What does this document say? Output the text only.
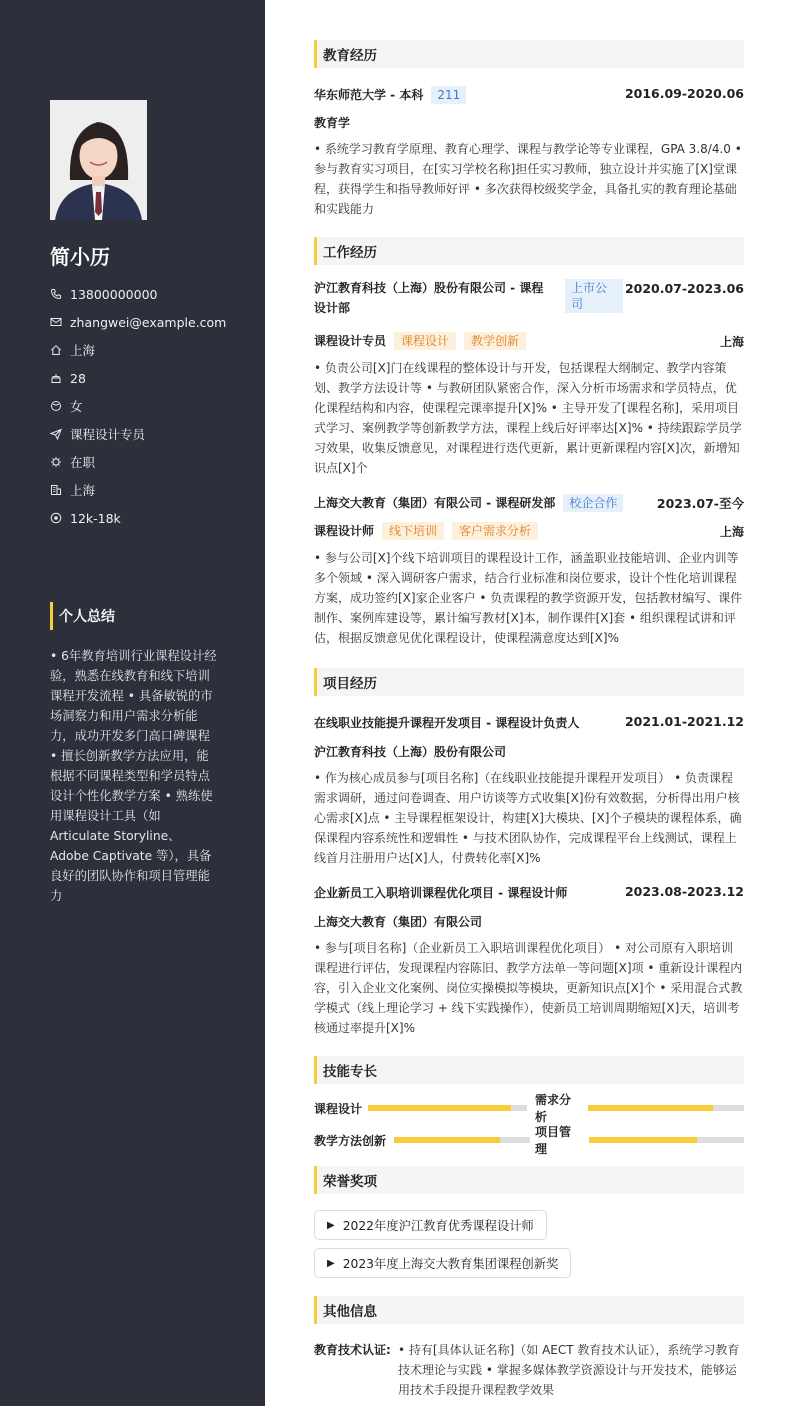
简小历
13800000000
zhangwei@example.com
上海
28
女
课程设计专员
在职
上海
12k-18k
个人总结
• 6年教育培训行业课程设计经验，熟悉在线教育和线下培训课程开发流程 • 具备敏锐的市场洞察力和用户需求分析能力，成功开发多门高口碑课程 • 擅长创新教学方法应用，能根据不同课程类型和学员特点设计个性化教学方案 • 熟练使用课程设计工具（如 Articulate Storyline、Adobe Captivate 等），具备良好的团队协作和项目管理能力
教育经历
华东师范大学 - 本科 211	2016.09-2020.06
教育学
• 系统学习教育学原理、教育心理学、课程与教学论等专业课程，GPA 3.8/4.0 • 参与教育实习项目，在[实习学校名称]担任实习教师，独立设计并实施了[X]堂课程，获得学生和指导教师好评 • 多次获得校级奖学金，具备扎实的教育理论基础和实践能力
工作经历
沪江教育科技（上海）股份有限公司 - 课程设计部
上市公司
2020.07-2023.06
课程设计专员 课程设计 教学创新	上海
• 负责公司[X]门在线课程的整体设计与开发，包括课程大纲制定、教学内容策划、教学方法设计等 • 与教研团队紧密合作，深入分析市场需求和学员特点，优化课程结构和内容，使课程完课率提升[X]% • 主导开发了[课程名称]，采用项目式学习、案例教学等创新教学方法，课程上线后好评率达[X]% • 持续跟踪学员学习效果，收集反馈意见，对课程进行迭代更新，累计更新课程内容[X]次，新增知识点[X]个
上海交大教育（集团）有限公司 - 课程研发部 校企合作	2023.07-至今
课程设计师 线下培训 客户需求分析	上海
• 参与公司[X]个线下培训项目的课程设计工作，涵盖职业技能培训、企业内训等多个领域 • 深入调研客户需求，结合行业标准和岗位要求，设计个性化培训课程方案，成功签约[X]家企业客户 • 负责课程的教学资源开发，包括教材编写、课件制作、案例库建设等，累计编写教材[X]本，制作课件[X]套 • 组织课程试讲和评估，根据反馈意见优化课程设计，使课程满意度达到[X]%
项目经历
在线职业技能提升课程开发项目 - 课程设计负责人	2021.01-2021.12
沪江教育科技（上海）股份有限公司
• 作为核心成员参与[项目名称]（在线职业技能提升课程开发项目） • 负责课程需求调研，通过问卷调查、用户访谈等方式收集[X]份有效数据，分析得出用户核心需求[X]点 • 主导课程框架设计，构建[X]大模块、[X]个子模块的课程体系，确保课程内容系统性和逻辑性 • 与技术团队协作，完成课程平台上线测试，课程上线首月注册用户达[X]人，付费转化率[X]%
企业新员工入职培训课程优化项目 - 课程设计师	2023.08-2023.12
上海交大教育（集团）有限公司
• 参与[项目名称]（企业新员工入职培训课程优化项目） • 对公司原有入职培训课程进行评估，发现课程内容陈旧、教学方法单一等问题[X]项 • 重新设计课程内容，引入企业文化案例、岗位实操模拟等模块，更新知识点[X]个 • 采用混合式教学模式（线上理论学习 + 线下实践操作），使新员工培训周期缩短[X]天，培训考核通过率提升[X]%
技能专长
课程设计
需求分析
教学方法创新
项目管理
荣誉奖项
▶ 2022年度沪江教育优秀课程设计师
▶ 2023年度上海交大教育集团课程创新奖
其他信息
教育技术认证: • 持有[具体认证名称]（如 AECT 教育技术认证），系统学习教育技术理论与实践 • 掌握多媒体教学资源设计与开发技术，能够运用技术手段提升课程教学效果
